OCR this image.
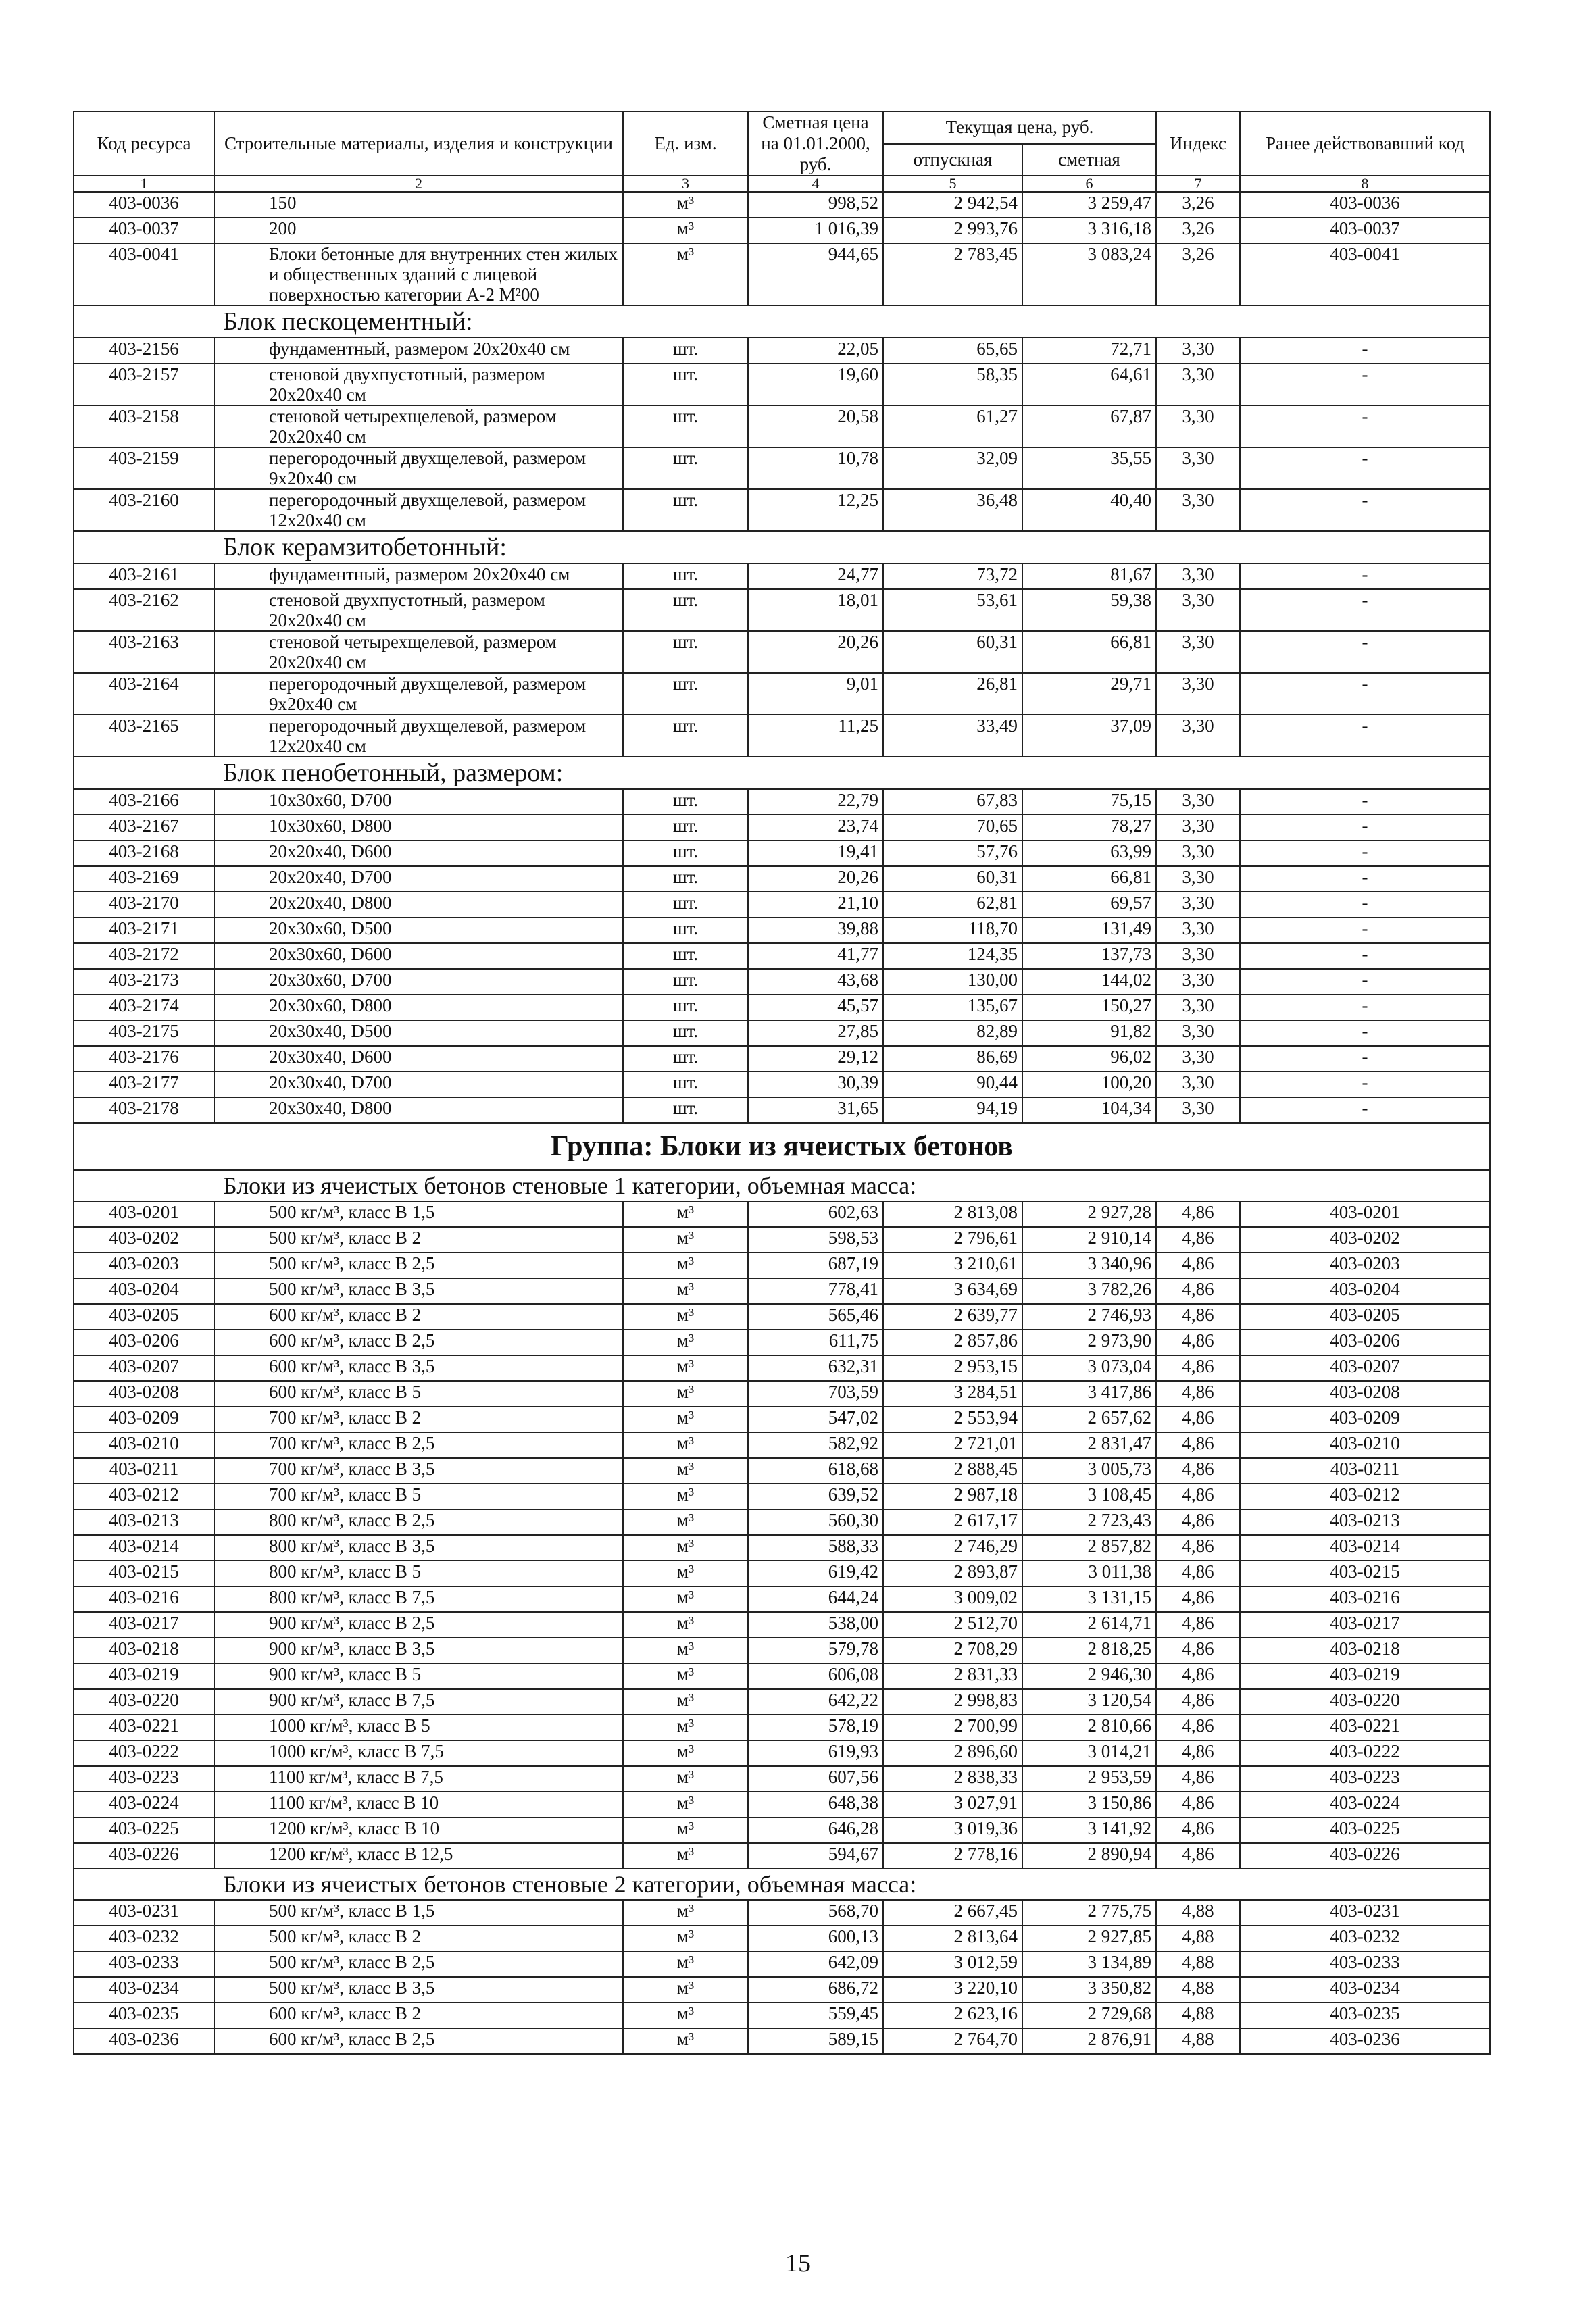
Код ресурса	Строительные материалы, изделия и конструкции	Ед. изм.	Сметная цена на 01.01.2000, руб.	Текущая цена, руб.		Индекс	Ранее действовавший код
				отпускная	сметная		
1	2	3	4	5	6	7	8
403-0036	150	м³	998,52	2 942,54	3 259,47	3,26	403-0036
403-0037	200	м³	1 016,39	2 993,76	3 316,18	3,26	403-0037
403-0041	Блоки бетонные для внутренних стен жилых и общественных зданий с лицевой поверхностью категории А-2 М²00	м³	944,65	2 783,45	3 083,24	3,26	403-0041
Блок пескоцементный:							
403-2156	фундаментный, размером 20х20х40 см	шт.	22,05	65,65	72,71	3,30	-
403-2157	стеновой двухпустотный, размером 20х20х40 см	шт.	19,60	58,35	64,61	3,30	-
403-2158	стеновой четырехщелевой, размером 20х20х40 см	шт.	20,58	61,27	67,87	3,30	-
403-2159	перегородочный двухщелевой, размером 9х20х40 см	шт.	10,78	32,09	35,55	3,30	-
403-2160	перегородочный двухщелевой, размером 12х20х40 см	шт.	12,25	36,48	40,40	3,30	-
Блок керамзитобетонный:							
403-2161	фундаментный, размером 20х20х40 см	шт.	24,77	73,72	81,67	3,30	-
403-2162	стеновой двухпустотный, размером 20х20х40 см	шт.	18,01	53,61	59,38	3,30	-
403-2163	стеновой четырехщелевой, размером 20х20х40 см	шт.	20,26	60,31	66,81	3,30	-
403-2164	перегородочный двухщелевой, размером 9х20х40 см	шт.	9,01	26,81	29,71	3,30	-
403-2165	перегородочный двухщелевой, размером 12х20х40 см	шт.	11,25	33,49	37,09	3,30	-
Блок пенобетонный, размером:							
403-2166	10х30х60, D700	шт.	22,79	67,83	75,15	3,30	-
403-2167	10х30х60, D800	шт.	23,74	70,65	78,27	3,30	-
403-2168	20х20х40, D600	шт.	19,41	57,76	63,99	3,30	-
403-2169	20х20х40, D700	шт.	20,26	60,31	66,81	3,30	-
403-2170	20х20х40, D800	шт.	21,10	62,81	69,57	3,30	-
403-2171	20х30х60, D500	шт.	39,88	118,70	131,49	3,30	-
403-2172	20х30х60, D600	шт.	41,77	124,35	137,73	3,30	-
403-2173	20х30х60, D700	шт.	43,68	130,00	144,02	3,30	-
403-2174	20х30х60, D800	шт.	45,57	135,67	150,27	3,30	-
403-2175	20х30х40, D500	шт.	27,85	82,89	91,82	3,30	-
403-2176	20х30х40, D600	шт.	29,12	86,69	96,02	3,30	-
403-2177	20х30х40, D700	шт.	30,39	90,44	100,20	3,30	-
403-2178	20х30х40, D800	шт.	31,65	94,19	104,34	3,30	-
Группа: Блоки из ячеистых бетонов							
Блоки из ячеистых бетонов стеновые 1 категории, объемная масса:							
403-0201	500 кг/м³, класс В 1,5	м³	602,63	2 813,08	2 927,28	4,86	403-0201
403-0202	500 кг/м³, класс В 2	м³	598,53	2 796,61	2 910,14	4,86	403-0202
403-0203	500 кг/м³, класс В 2,5	м³	687,19	3 210,61	3 340,96	4,86	403-0203
403-0204	500 кг/м³, класс В 3,5	м³	778,41	3 634,69	3 782,26	4,86	403-0204
403-0205	600 кг/м³, класс В 2	м³	565,46	2 639,77	2 746,93	4,86	403-0205
403-0206	600 кг/м³, класс В 2,5	м³	611,75	2 857,86	2 973,90	4,86	403-0206
403-0207	600 кг/м³, класс В 3,5	м³	632,31	2 953,15	3 073,04	4,86	403-0207
403-0208	600 кг/м³, класс В 5	м³	703,59	3 284,51	3 417,86	4,86	403-0208
403-0209	700 кг/м³, класс В 2	м³	547,02	2 553,94	2 657,62	4,86	403-0209
403-0210	700 кг/м³, класс В 2,5	м³	582,92	2 721,01	2 831,47	4,86	403-0210
403-0211	700 кг/м³, класс В 3,5	м³	618,68	2 888,45	3 005,73	4,86	403-0211
403-0212	700 кг/м³, класс В 5	м³	639,52	2 987,18	3 108,45	4,86	403-0212
403-0213	800 кг/м³, класс В 2,5	м³	560,30	2 617,17	2 723,43	4,86	403-0213
403-0214	800 кг/м³, класс В 3,5	м³	588,33	2 746,29	2 857,82	4,86	403-0214
403-0215	800 кг/м³, класс В 5	м³	619,42	2 893,87	3 011,38	4,86	403-0215
403-0216	800 кг/м³, класс В 7,5	м³	644,24	3 009,02	3 131,15	4,86	403-0216
403-0217	900 кг/м³, класс В 2,5	м³	538,00	2 512,70	2 614,71	4,86	403-0217
403-0218	900 кг/м³, класс В 3,5	м³	579,78	2 708,29	2 818,25	4,86	403-0218
403-0219	900 кг/м³, класс В 5	м³	606,08	2 831,33	2 946,30	4,86	403-0219
403-0220	900 кг/м³, класс В 7,5	м³	642,22	2 998,83	3 120,54	4,86	403-0220
403-0221	1000 кг/м³, класс В 5	м³	578,19	2 700,99	2 810,66	4,86	403-0221
403-0222	1000 кг/м³, класс В 7,5	м³	619,93	2 896,60	3 014,21	4,86	403-0222
403-0223	1100 кг/м³, класс В 7,5	м³	607,56	2 838,33	2 953,59	4,86	403-0223
403-0224	1100 кг/м³, класс В 10	м³	648,38	3 027,91	3 150,86	4,86	403-0224
403-0225	1200 кг/м³, класс В 10	м³	646,28	3 019,36	3 141,92	4,86	403-0225
403-0226	1200 кг/м³, класс В 12,5	м³	594,67	2 778,16	2 890,94	4,86	403-0226
Блоки из ячеистых бетонов стеновые 2 категории, объемная масса:							
403-0231	500 кг/м³, класс В 1,5	м³	568,70	2 667,45	2 775,75	4,88	403-0231
403-0232	500 кг/м³, класс В 2	м³	600,13	2 813,64	2 927,85	4,88	403-0232
403-0233	500 кг/м³, класс В 2,5	м³	642,09	3 012,59	3 134,89	4,88	403-0233
403-0234	500 кг/м³, класс В 3,5	м³	686,72	3 220,10	3 350,82	4,88	403-0234
403-0235	600 кг/м³, класс В 2	м³	559,45	2 623,16	2 729,68	4,88	403-0235
403-0236	600 кг/м³, класс В 2,5	м³	589,15	2 764,70	2 876,91	4,88	403-0236
15
